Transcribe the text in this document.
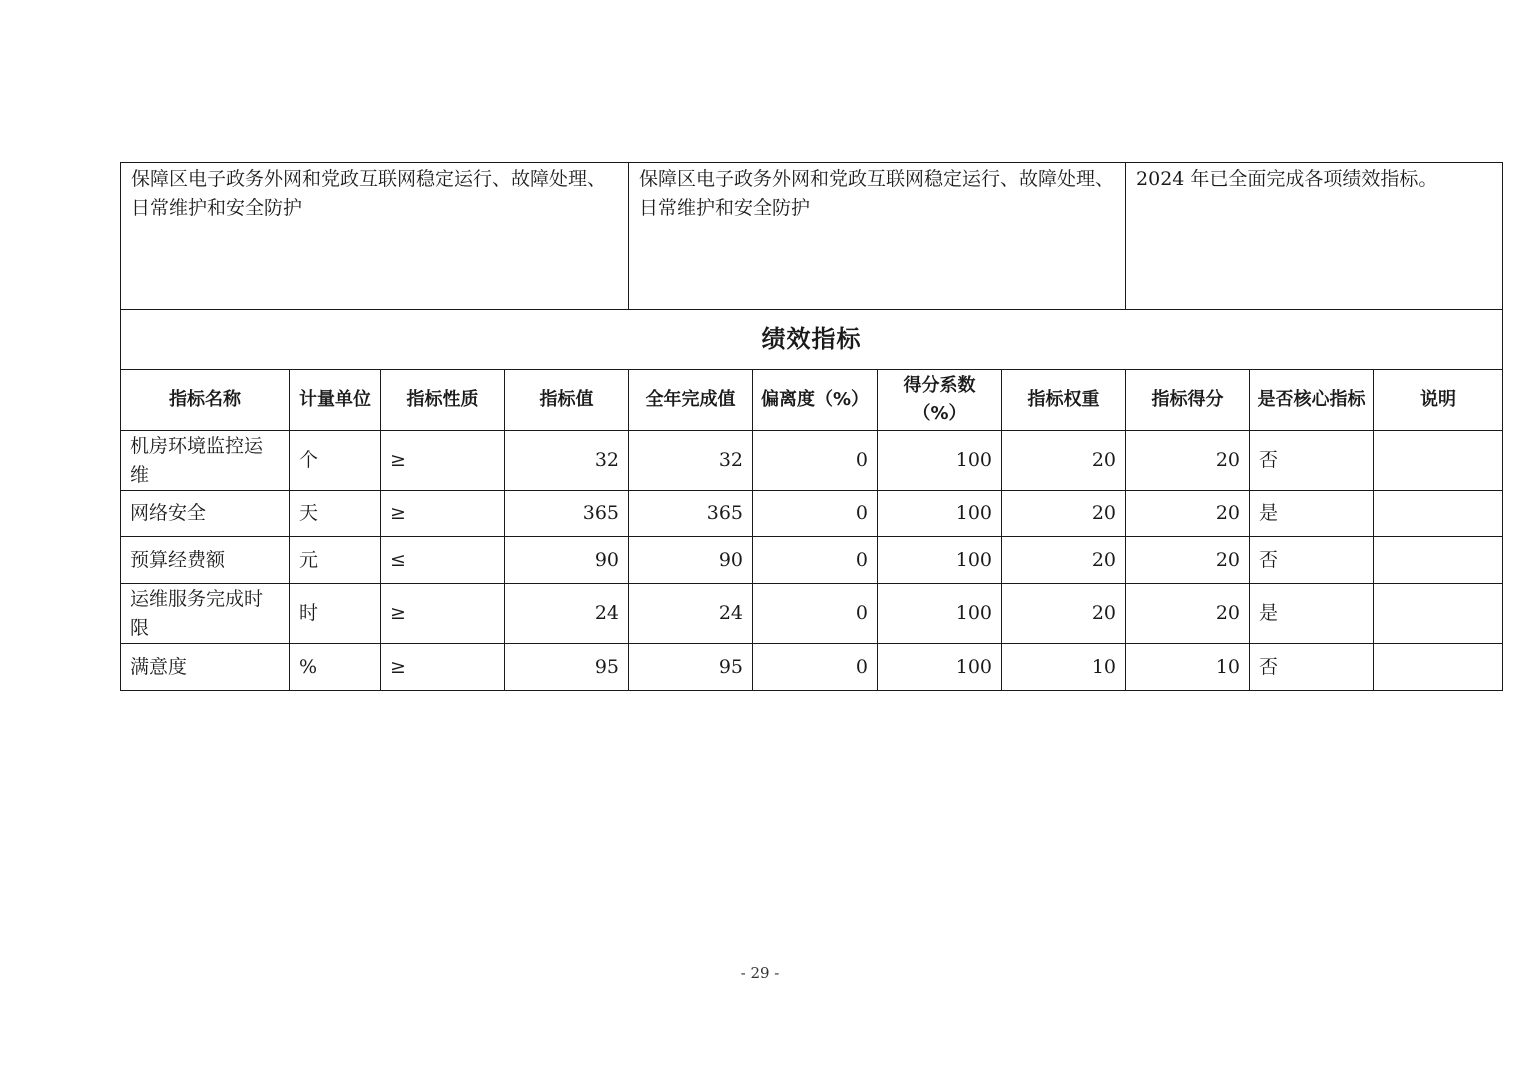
保障区电子政务外网和党政互联网稳定运行、故障处理、日常维护和安全防护				保障区电子政务外网和党政互联网稳定运行、故障处理、日常维护和安全防护				2024 年已全面完成各项绩效指标。		
绩效指标										
指标名称	计量单位	指标性质	指标值	全年完成值	偏离度（%）	得分系数（%）	指标权重	指标得分	是否核心指标	说明
机房环境监控运维	个	≥	32	32	0	100	20	20	否	
网络安全	天	≥	365	365	0	100	20	20	是	
预算经费额	元	≤	90	90	0	100	20	20	否	
运维服务完成时限	时	≥	24	24	0	100	20	20	是	
满意度	%	≥	95	95	0	100	10	10	否	
- 29 -
